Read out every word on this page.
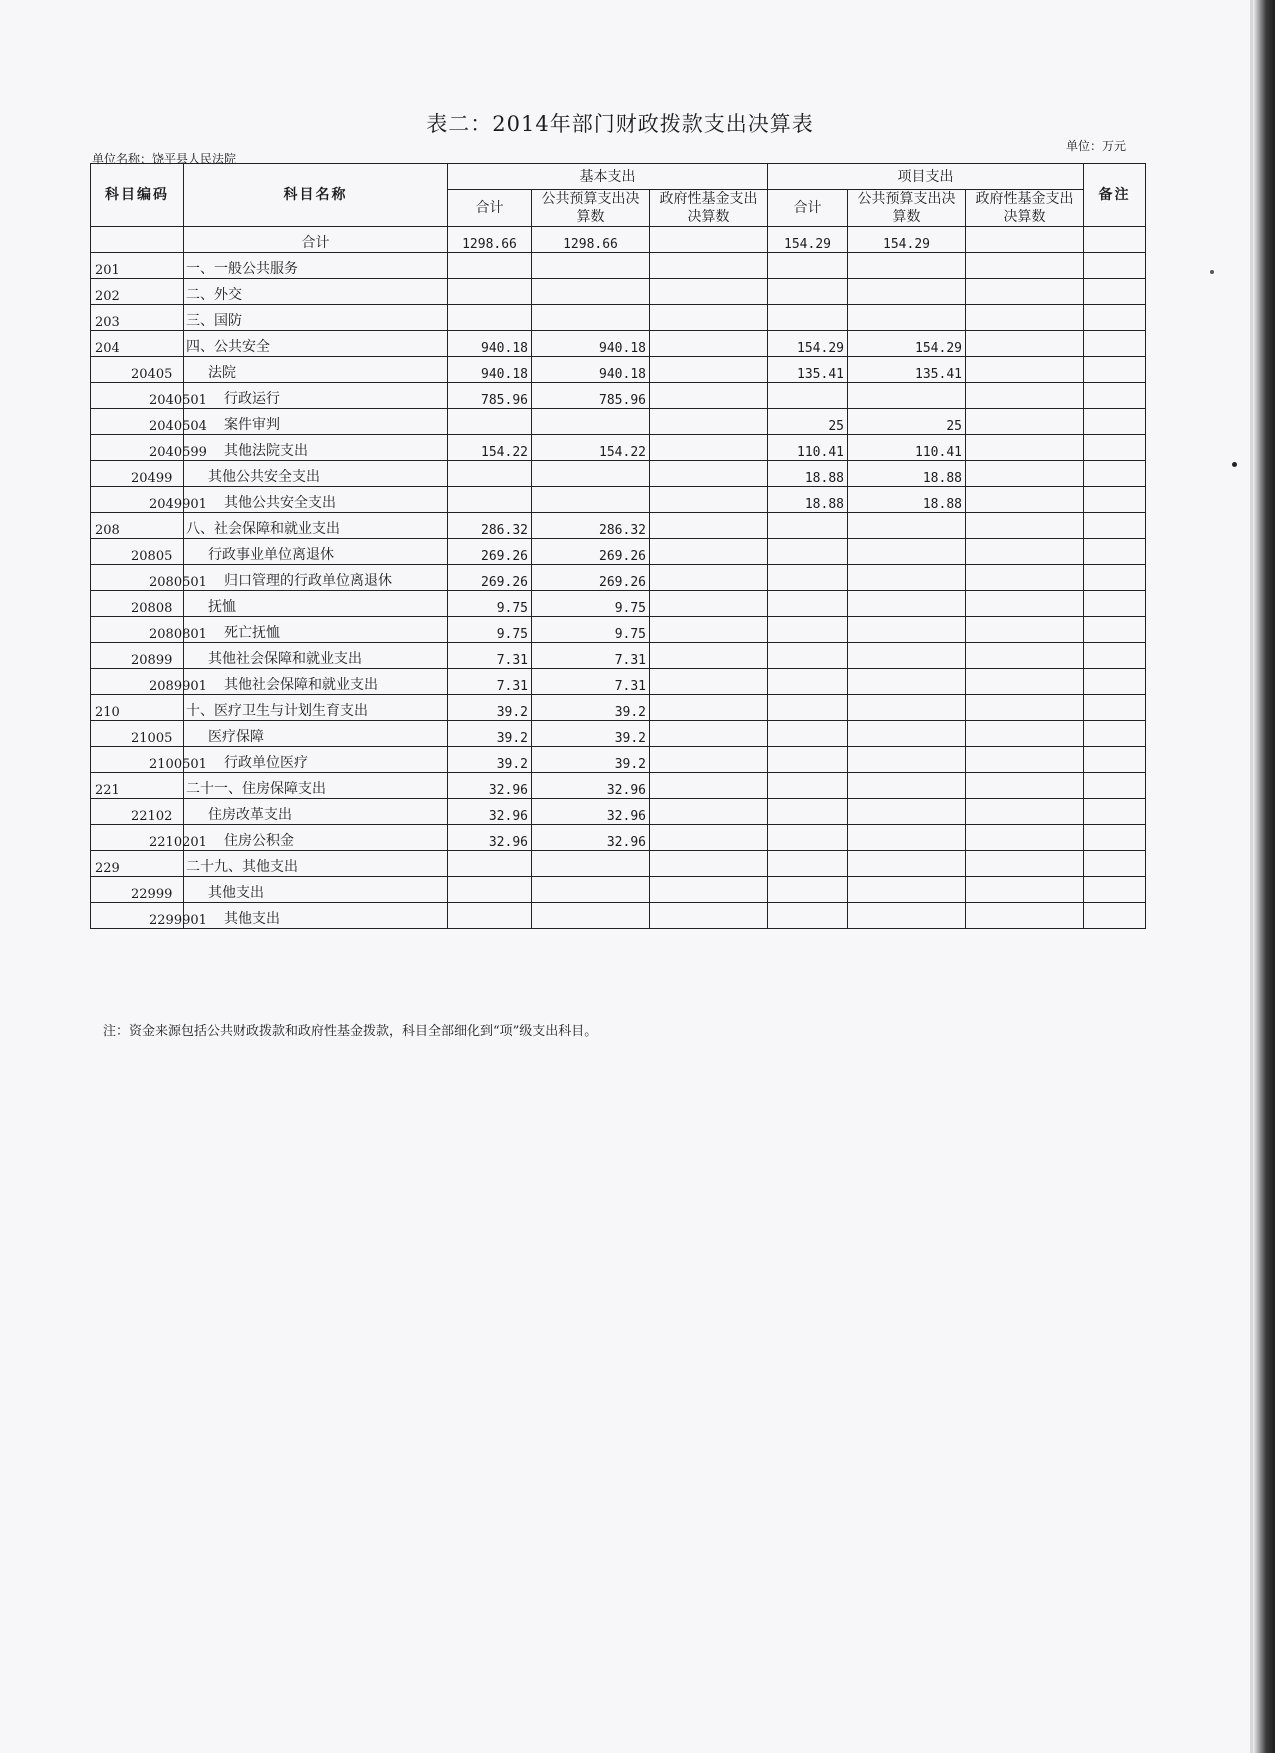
表二：2014年部门财政拨款支出决算表
单位：万元
单位名称：饶平县人民法院
科目编码	科目名称	基本支出			项目支出			备注
		合计	公共预算支出决算数	政府性基金支出决算数	合计	公共预算支出决算数	政府性基金支出决算数	
	合计	1298.66	1298.66		154.29	154.29		
201	一、一般公共服务							
202	二、外交							
203	三、国防							
204	四、公共安全	940.18	940.18		154.29	154.29		
20405	法院	940.18	940.18		135.41	135.41		
2040501	行政运行	785.96	785.96					
2040504	案件审判				25	25		
2040599	其他法院支出	154.22	154.22		110.41	110.41		
20499	其他公共安全支出				18.88	18.88		
2049901	其他公共安全支出				18.88	18.88		
208	八、社会保障和就业支出	286.32	286.32					
20805	行政事业单位离退休	269.26	269.26					
2080501	归口管理的行政单位离退休	269.26	269.26					
20808	抚恤	9.75	9.75					
2080801	死亡抚恤	9.75	9.75					
20899	其他社会保障和就业支出	7.31	7.31					
2089901	其他社会保障和就业支出	7.31	7.31					
210	十、医疗卫生与计划生育支出	39.2	39.2					
21005	医疗保障	39.2	39.2					
2100501	行政单位医疗	39.2	39.2					
221	二十一、住房保障支出	32.96	32.96					
22102	住房改革支出	32.96	32.96					
2210201	住房公积金	32.96	32.96					
229	二十九、其他支出							
22999	其他支出							
2299901	其他支出							
注：资金来源包括公共财政拨款和政府性基金拨款，科目全部细化到“项”级支出科目。
